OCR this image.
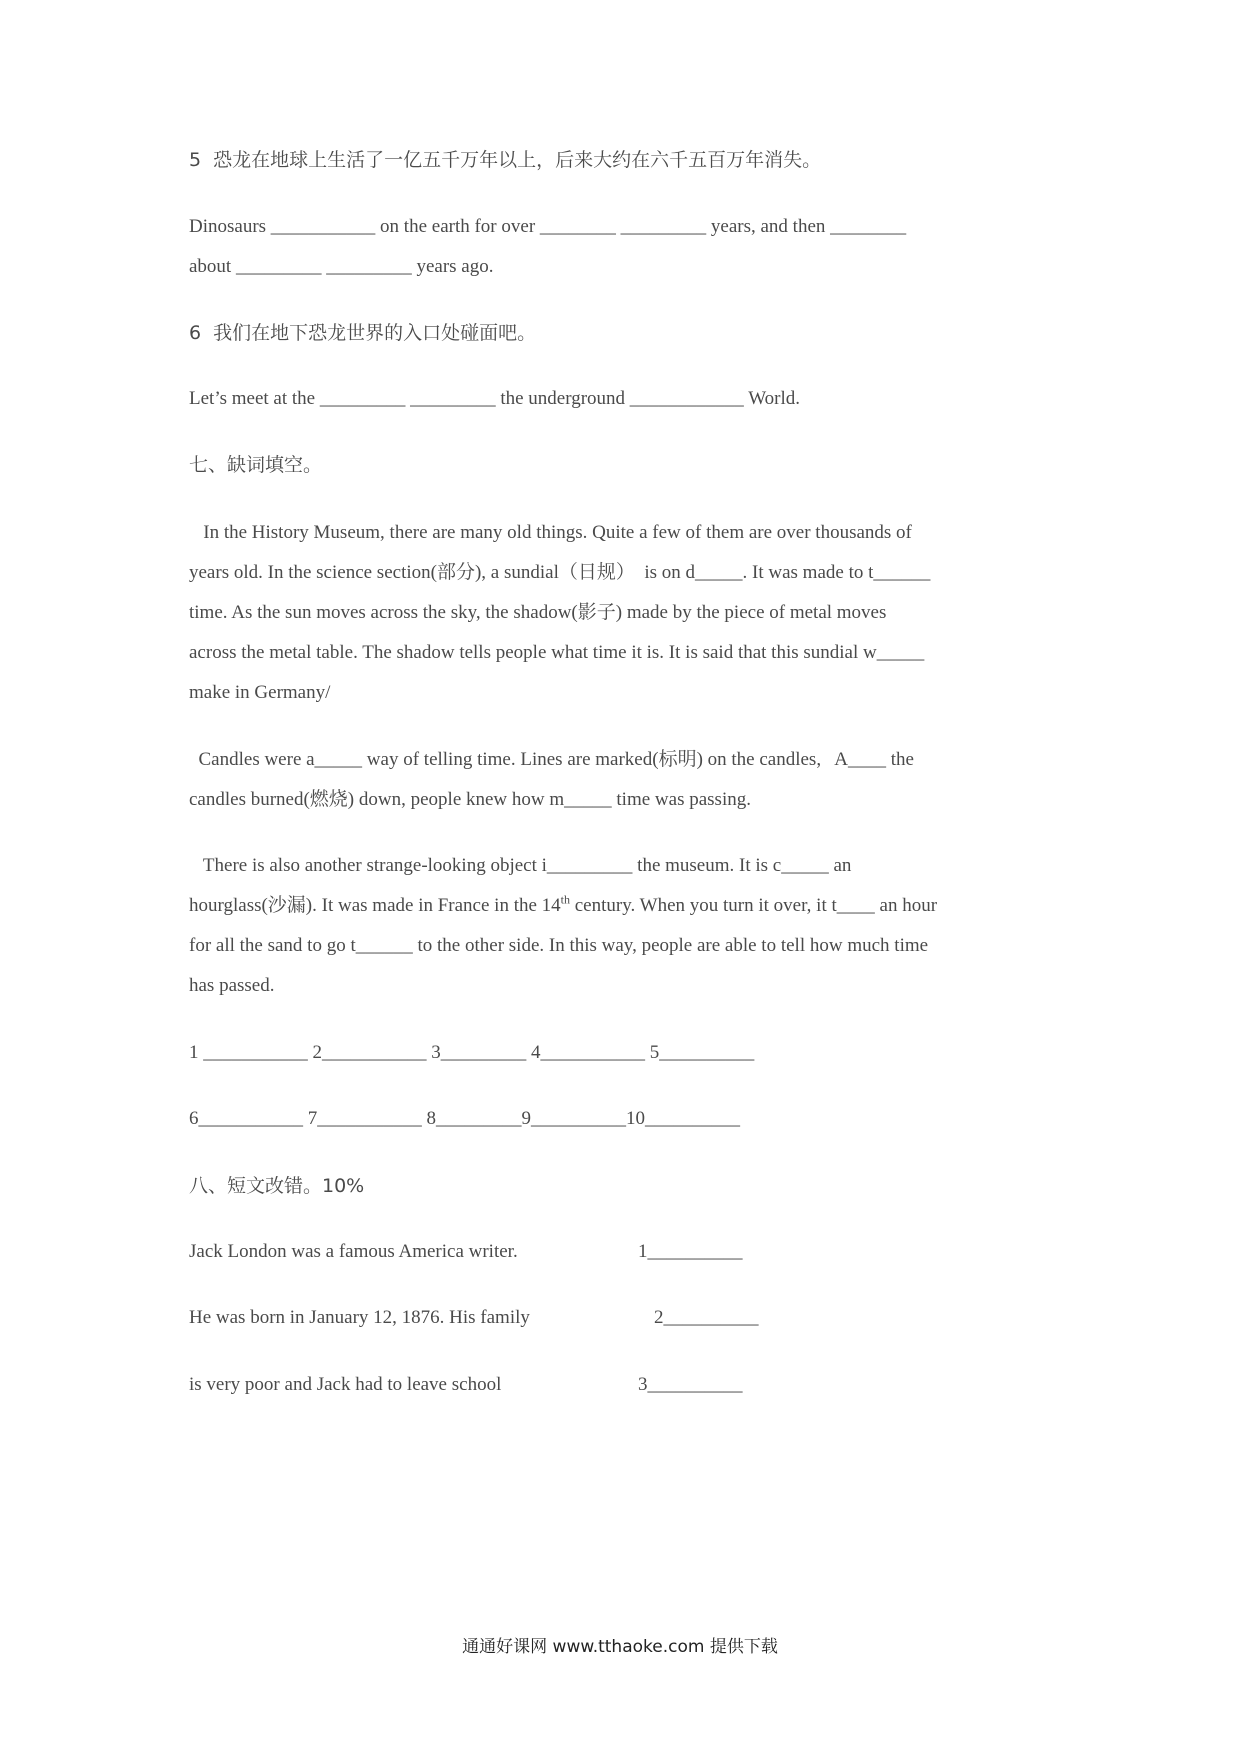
5  恐龙在地球上生活了一亿五千万年以上，后来大约在六千五百万年消失。
Dinosaurs ___________ on the earth for over ________ _________ years, and then ________
about _________ _________ years ago.
6  我们在地下恐龙世界的入口处碰面吧。
Let’s meet at the _________ _________ the underground ____________ World.
七、缺词填空。
In the History Museum, there are many old things. Quite a few of them are over thousands of
years old. In the science section(部分), a sundial（日规）  is on d_____. It was made to t______
time. As the sun moves across the sky, the shadow(影子) made by the piece of metal moves
across the metal table. The shadow tells people what time it is. It is said that this sundial w_____
make in Germany/
Candles were a_____ way of telling time. Lines are marked(标明) on the candles,   A____ the
candles burned(燃烧) down, people knew how m_____ time was passing.
There is also another strange-looking object i_________ the museum. It is c_____ an
hourglass(沙漏). It was made in France in the 14th century. When you turn it over, it t____ an hour
for all the sand to go t______ to the other side. In this way, people are able to tell how much time
has passed.
1 ___________ 2___________ 3_________ 4___________ 5__________
6___________ 7___________ 8_________9__________10__________
八、短文改错。10%
Jack London was a famous America writer.	1__________
He was born in January 12, 1876. His family	2__________
is very poor and Jack had to leave school	3__________
通通好课网 www.tthaoke.com 提供下载
